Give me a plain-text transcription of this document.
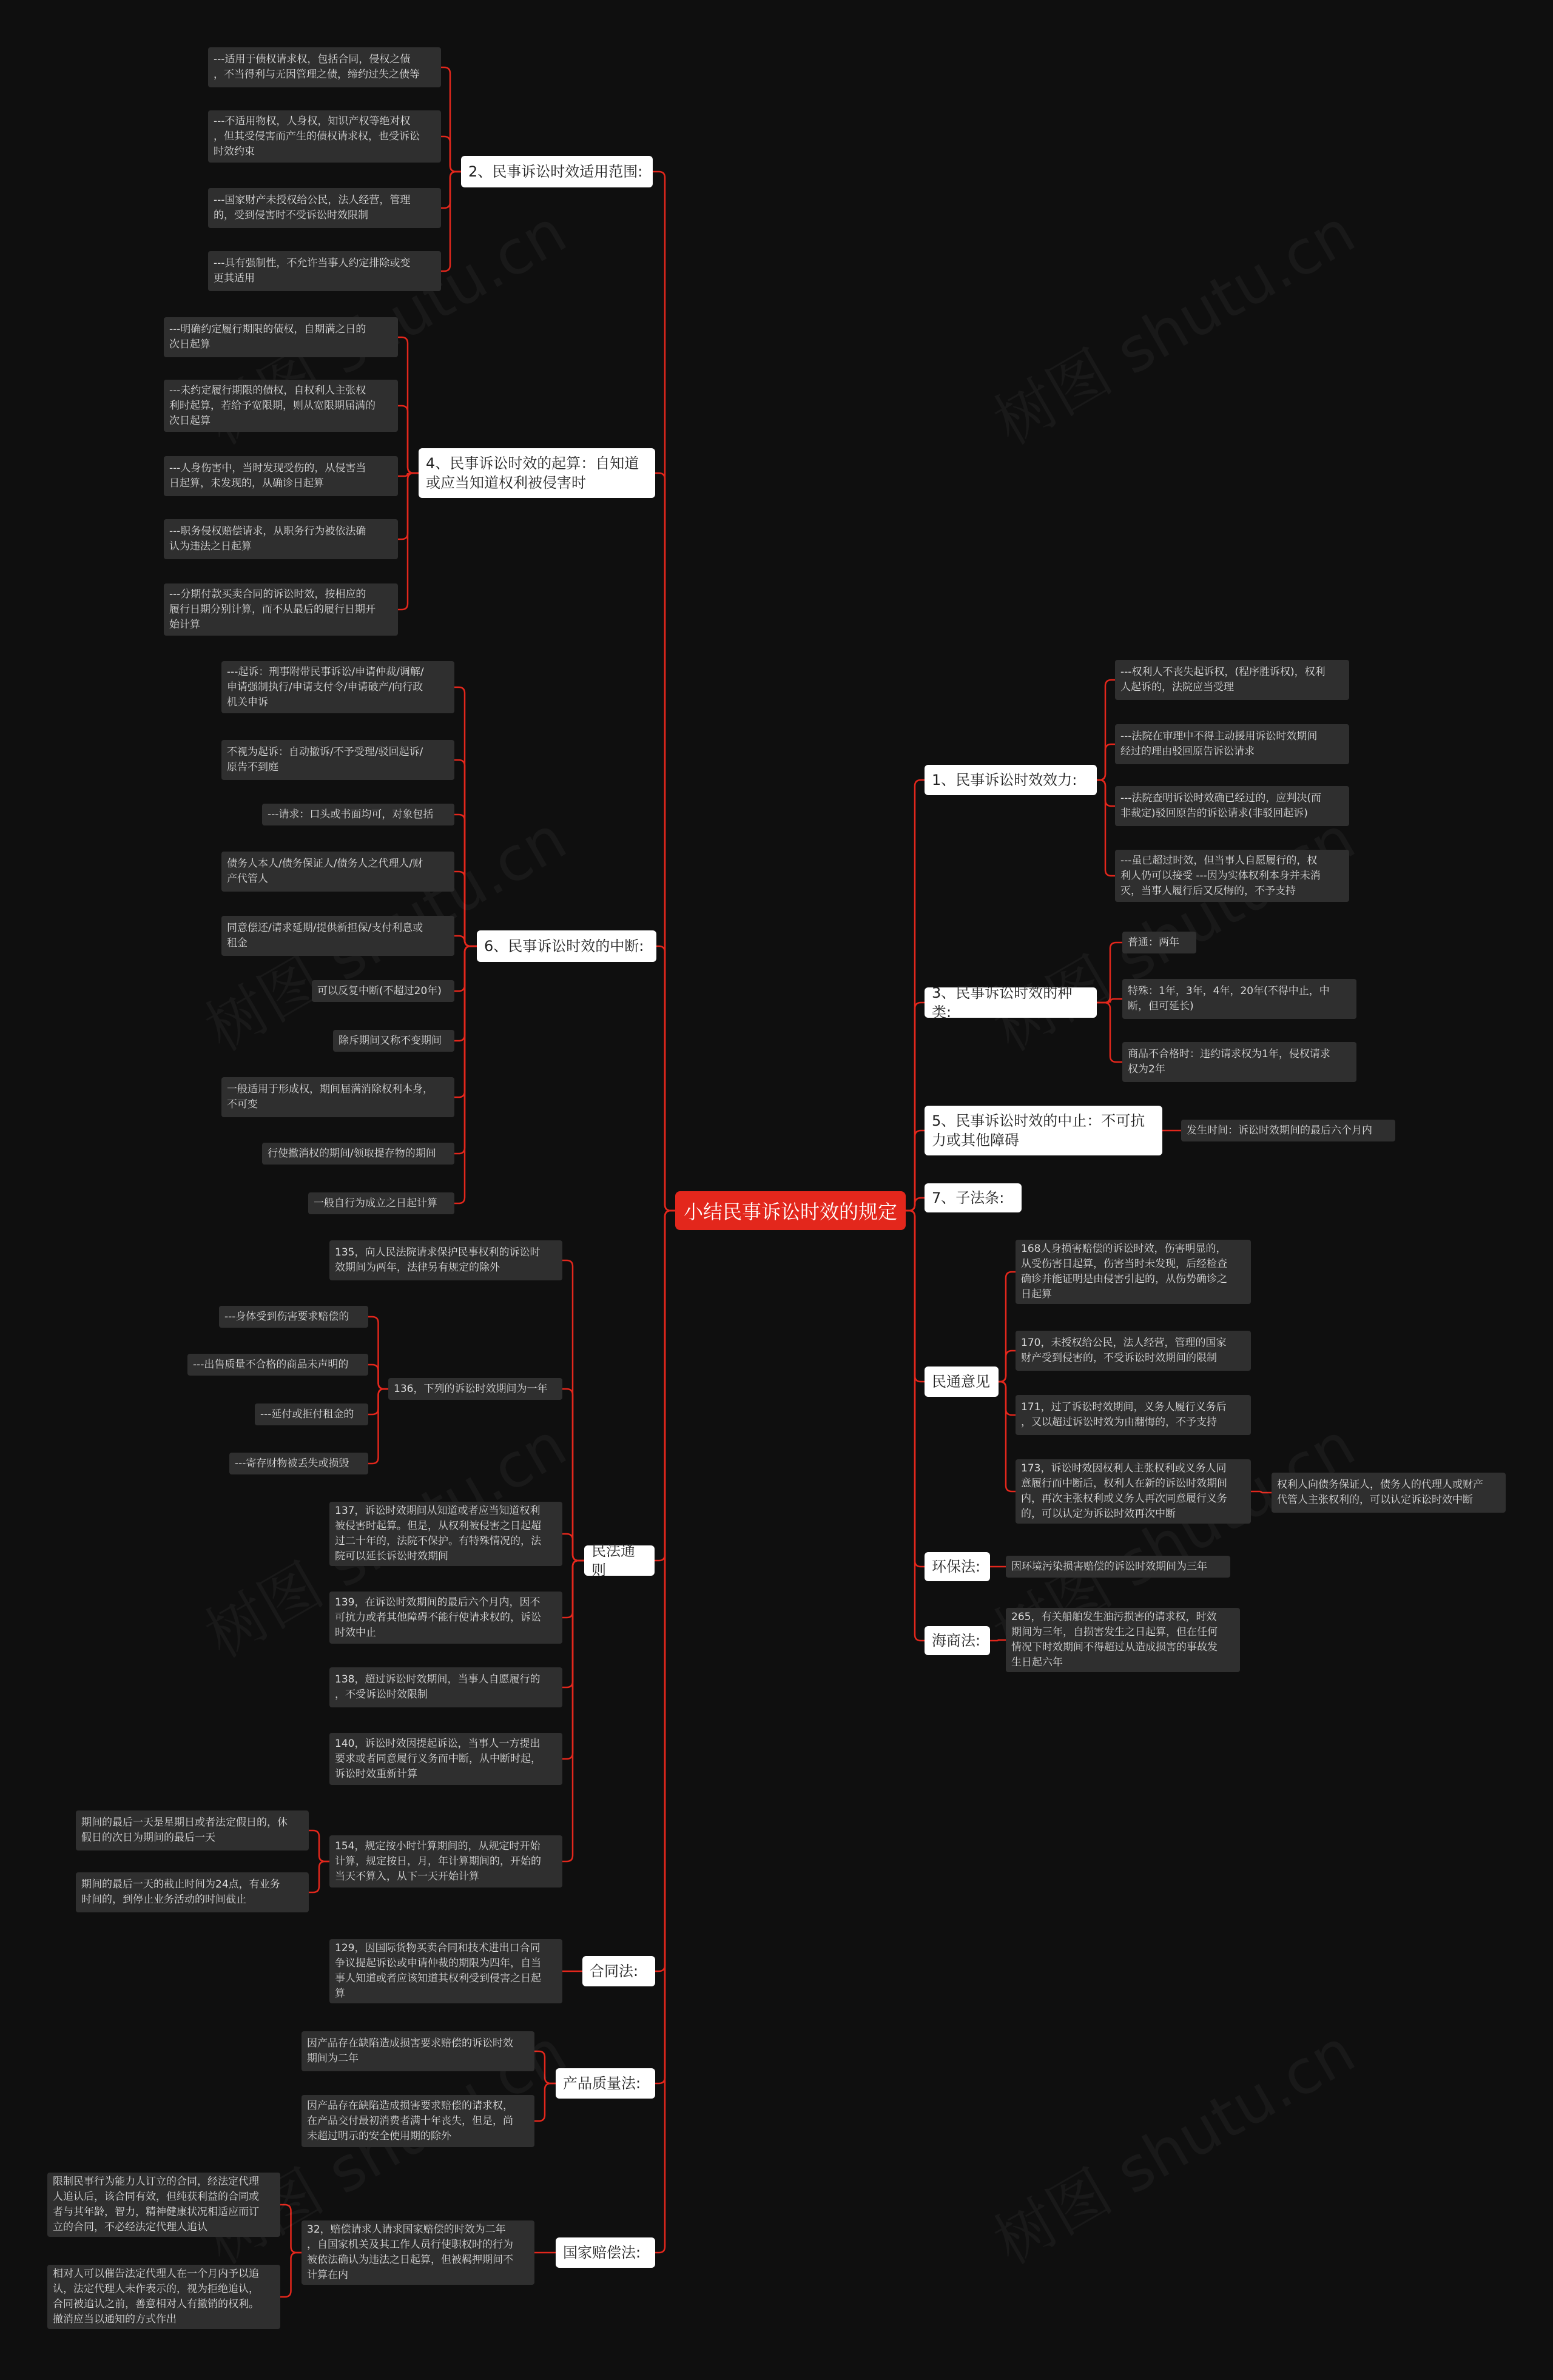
小结民事诉讼时效的规定
2、民事诉讼时效适用范围:
---适用于债权请求权，包括合同，侵权之债
，不当得利与无因管理之债，缔约过失之债等
---不适用物权，人身权，知识产权等绝对权
，但其受侵害而产生的债权请求权，也受诉讼
时效约束
---国家财产未授权给公民，法人经营，管理
的，受到侵害时不受诉讼时效限制
---具有强制性，不允许当事人约定排除或变
更其适用
4、民事诉讼时效的起算：自知道 或应当知道权利被侵害时
---明确约定履行期限的债权，自期满之日的
次日起算
---未约定履行期限的债权，自权利人主张权
利时起算，若给予宽限期，则从宽限期届满的
次日起算
---人身伤害中，当时发现受伤的，从侵害当
日起算，未发现的，从确诊日起算
---职务侵权赔偿请求，从职务行为被依法确
认为违法之日起算
---分期付款买卖合同的诉讼时效，按相应的
履行日期分别计算，而不从最后的履行日期开
始计算
6、民事诉讼时效的中断:
---起诉：刑事附带民事诉讼/申请仲裁/调解/
申请强制执行/申请支付令/申请破产/向行政
机关申诉
不视为起诉：自动撤诉/不予受理/驳回起诉/
原告不到庭
---请求：口头或书面均可，对象包括
债务人本人/债务保证人/债务人之代理人/财
产代管人
同意偿还/请求延期/提供新担保/支付利息或
租金
可以反复中断(不超过20年)
除斥期间又称不变期间
一般适用于形成权，期间届满消除权利本身，
不可变
行使撤消权的期间/领取提存物的期间
一般自行为成立之日起计算
民法通则
135，向人民法院请求保护民事权利的诉讼时
效期间为两年，法律另有规定的除外
136，下列的诉讼时效期间为一年
---身体受到伤害要求赔偿的
---出售质量不合格的商品未声明的
---延付或拒付租金的
---寄存财物被丢失或损毁
137，诉讼时效期间从知道或者应当知道权利
被侵害时起算。但是，从权利被侵害之日起超
过二十年的，法院不保护。有特殊情况的，法
院可以延长诉讼时效期间
139，在诉讼时效期间的最后六个月内，因不
可抗力或者其他障碍不能行使请求权的，诉讼
时效中止
138，超过诉讼时效期间，当事人自愿履行的
，不受诉讼时效限制
140，诉讼时效因提起诉讼，当事人一方提出
要求或者同意履行义务而中断，从中断时起，
诉讼时效重新计算
154，规定按小时计算期间的，从规定时开始
计算，规定按日，月，年计算期间的，开始的
当天不算入，从下一天开始计算
期间的最后一天是星期日或者法定假日的，休
假日的次日为期间的最后一天
期间的最后一天的截止时间为24点，有业务
时间的，到停止业务活动的时间截止
合同法:
129，因国际货物买卖合同和技术进出口合同
争议提起诉讼或申请仲裁的期限为四年，自当
事人知道或者应该知道其权利受到侵害之日起
算
产品质量法:
因产品存在缺陷造成损害要求赔偿的诉讼时效
期间为二年
因产品存在缺陷造成损害要求赔偿的请求权，
在产品交付最初消费者满十年丧失，但是，尚
未超过明示的安全使用期的除外
国家赔偿法:
32，赔偿请求人请求国家赔偿的时效为二年
，自国家机关及其工作人员行使职权时的行为
被依法确认为违法之日起算，但被羁押期间不
计算在内
限制民事行为能力人订立的合同，经法定代理
人追认后，该合同有效，但纯获利益的合同或
者与其年龄，智力，精神健康状况相适应而订
立的合同，不必经法定代理人追认
相对人可以催告法定代理人在一个月内予以追
认，法定代理人未作表示的，视为拒绝追认，
合同被追认之前，善意相对人有撤销的权利。
撤消应当以通知的方式作出
1、民事诉讼时效效力:
---权利人不丧失起诉权，(程序胜诉权)，权利
人起诉的，法院应当受理
---法院在审理中不得主动援用诉讼时效期间
经过的理由驳回原告诉讼请求
---法院查明诉讼时效确已经过的，应判决(而
非裁定)驳回原告的诉讼请求(非驳回起诉)
---虽已超过时效，但当事人自愿履行的，权
利人仍可以接受 ---因为实体权利本身并未消
灭，当事人履行后又反悔的，不予支持
3、民事诉讼时效的种类:
普通：两年
特殊：1年，3年，4年，20年(不得中止，中
断，但可延长)
商品不合格时：违约请求权为1年，侵权请求
权为2年
5、民事诉讼时效的中止：不可抗 力或其他障碍
发生时间：诉讼时效期间的最后六个月内
7、子法条:
民通意见
168人身损害赔偿的诉讼时效，伤害明显的，
从受伤害日起算，伤害当时未发现，后经检查
确诊并能证明是由侵害引起的，从伤势确诊之
日起算
170，未授权给公民，法人经营，管理的国家
财产受到侵害的，不受诉讼时效期间的限制
171，过了诉讼时效期间，义务人履行义务后
，又以超过诉讼时效为由翻悔的，不予支持
173，诉讼时效因权利人主张权利或义务人同
意履行而中断后，权利人在新的诉讼时效期间
内，再次主张权利或义务人再次同意履行义务
的，可以认定为诉讼时效再次中断
权利人向债务保证人，债务人的代理人或财产
代管人主张权利的，可以认定诉讼时效中断
环保法:	因环境污染损害赔偿的诉讼时效期间为三年
海商法:
265，有关船舶发生油污损害的请求权，时效
期间为三年，自损害发生之日起算，但在任何
情况下时效期间不得超过从造成损害的事故发
生日起六年
